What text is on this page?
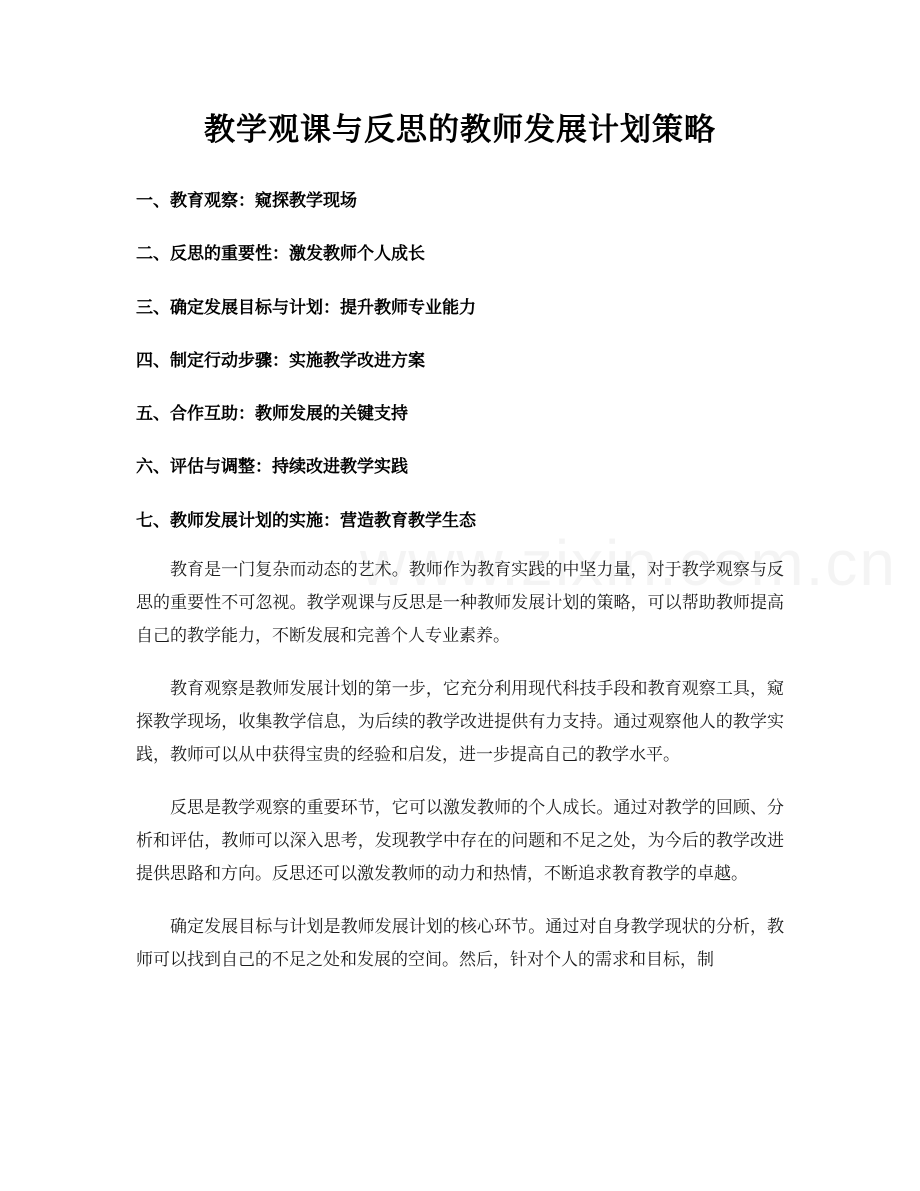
教学观课与反思的教师发展计划策略
一、教育观察：窥探教学现场
二、反思的重要性：激发教师个人成长
三、确定发展目标与计划：提升教师专业能力
四、制定行动步骤：实施教学改进方案
五、合作互助：教师发展的关键支持
六、评估与调整：持续改进教学实践
七、教师发展计划的实施：营造教育教学生态

教育是一门复杂而动态的艺术。教师作为教育实践的中坚力量，对于教学观察与反思的重要性不可忽视。教学观课与反思是一种教师发展计划的策略，可以帮助教师提高自己的教学能力，不断发展和完善个人专业素养。

教育观察是教师发展计划的第一步，它充分利用现代科技手段和教育观察工具，窥探教学现场，收集教学信息，为后续的教学改进提供有力支持。通过观察他人的教学实践，教师可以从中获得宝贵的经验和启发，进一步提高自己的教学水平。

反思是教学观察的重要环节，它可以激发教师的个人成长。通过对教学的回顾、分析和评估，教师可以深入思考，发现教学中存在的问题和不足之处，为今后的教学改进提供思路和方向。反思还可以激发教师的动力和热情，不断追求教育教学的卓越。

确定发展目标与计划是教师发展计划的核心环节。通过对自身教学现状的分析，教师可以找到自己的不足之处和发展的空间。然后，针对个人的需求和目标，制
